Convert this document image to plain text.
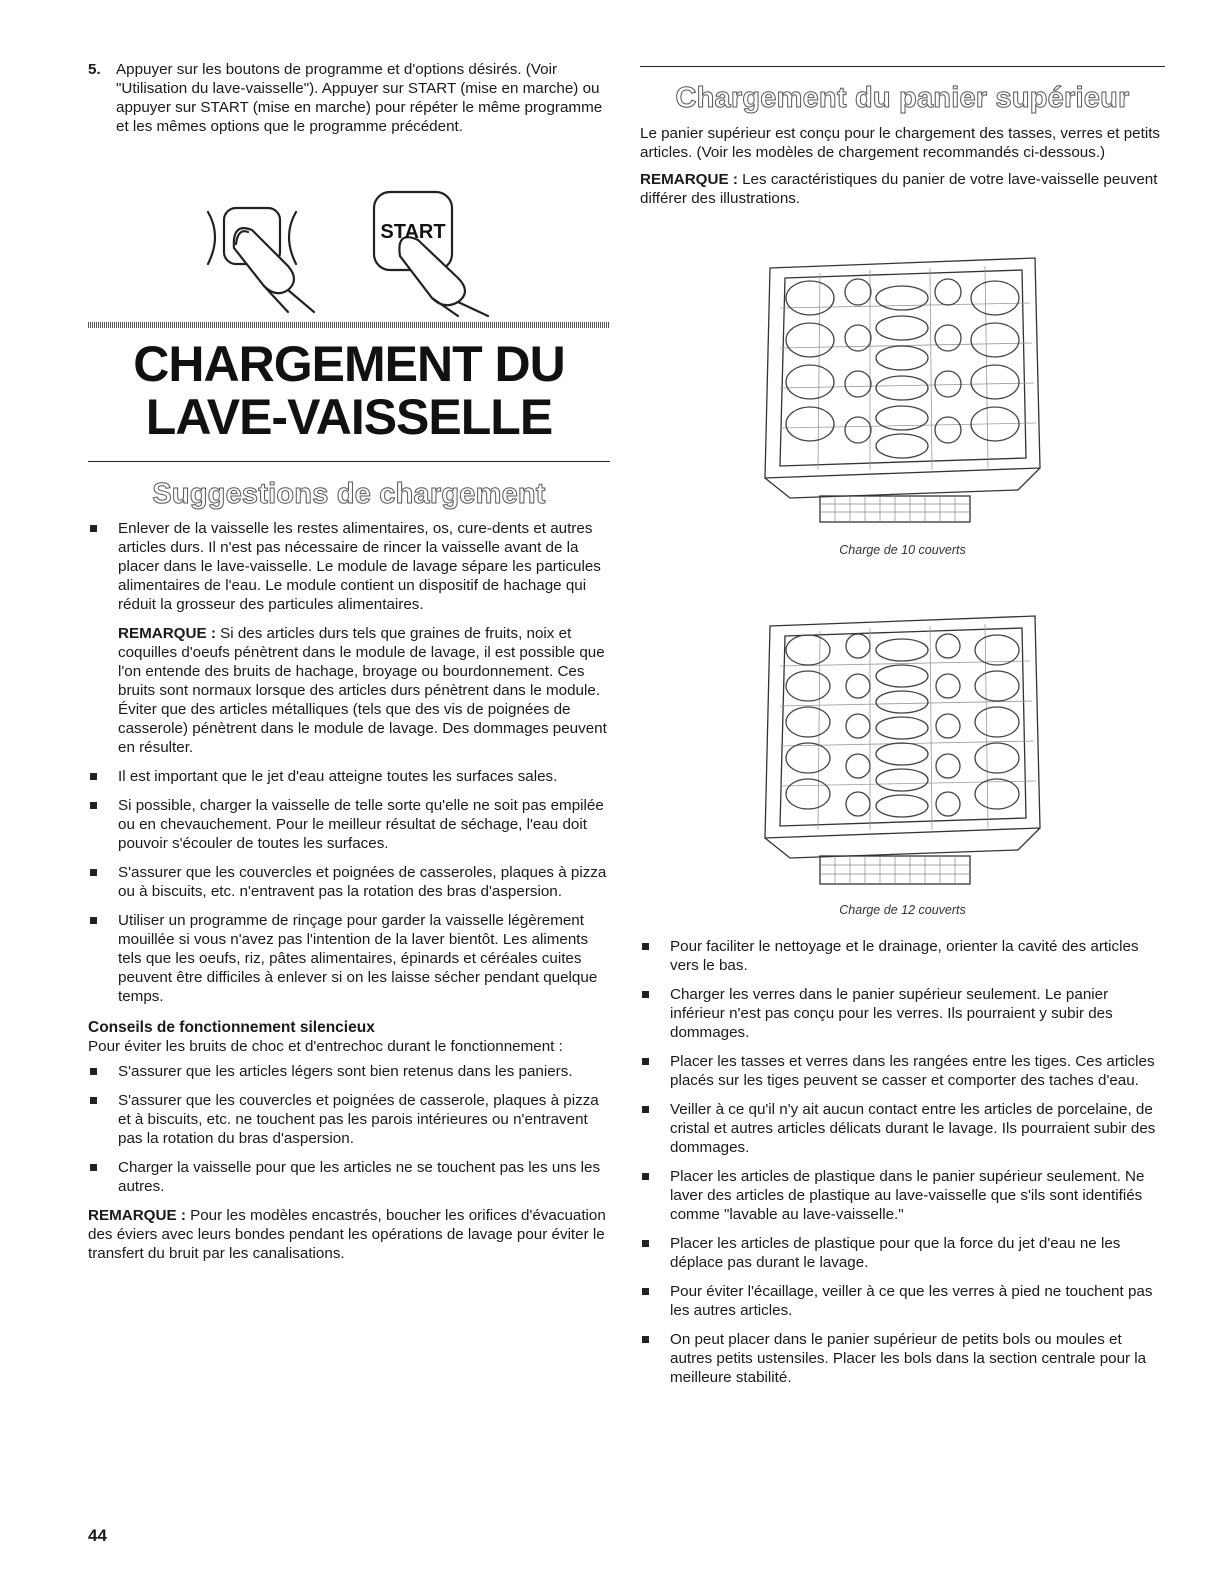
5. Appuyer sur les boutons de programme et d'options désirés. (Voir "Utilisation du lave-vaisselle"). Appuyer sur START (mise en marche) ou appuyer sur START (mise en marche) pour répéter le même programme et les mêmes options que le programme précédent.

START
CHARGEMENT DU
LAVE-VAISSELLE
Suggestions de chargement
Enlever de la vaisselle les restes alimentaires, os, cure-dents et autres articles durs. Il n'est pas nécessaire de rincer la vaisselle avant de la placer dans le lave-vaisselle. Le module de lavage sépare les particules alimentaires de l'eau. Le module contient un dispositif de hachage qui réduit la grosseur des particules alimentaires.

REMARQUE : Si des articles durs tels que graines de fruits, noix et coquilles d'oeufs pénètrent dans le module de lavage, il est possible que l'on entende des bruits de hachage, broyage ou bourdonnement. Ces bruits sont normaux lorsque des articles durs pénètrent dans le module. Éviter que des articles métalliques (tels que des vis de poignées de casserole) pénètrent dans le module de lavage. Des dommages peuvent en résulter.

Il est important que le jet d'eau atteigne toutes les surfaces sales.
Si possible, charger la vaisselle de telle sorte qu'elle ne soit pas empilée ou en chevauchement. Pour le meilleur résultat de séchage, l'eau doit pouvoir s'écouler de toutes les surfaces.
S'assurer que les couvercles et poignées de casseroles, plaques à pizza ou à biscuits, etc. n'entravent pas la rotation des bras d'aspersion.
Utiliser un programme de rinçage pour garder la vaisselle légèrement mouillée si vous n'avez pas l'intention de la laver bientôt. Les aliments tels que les oeufs, riz, pâtes alimentaires, épinards et céréales cuites peuvent être difficiles à enlever si on les laisse sécher pendant quelque temps.

Conseils de fonctionnement silencieux

Pour éviter les bruits de choc et d'entrechoc durant le fonctionnement :

S'assurer que les articles légers sont bien retenus dans les paniers.
S'assurer que les couvercles et poignées de casserole, plaques à pizza et à biscuits, etc. ne touchent pas les parois intérieures ou n'entravent pas la rotation du bras d'aspersion.
Charger la vaisselle pour que les articles ne se touchent pas les uns les autres.

REMARQUE : Pour les modèles encastrés, boucher les orifices d'évacuation des éviers avec leurs bondes pendant les opérations de lavage pour éviter le transfert du bruit par les canalisations.

44
Chargement du panier supérieur

Le panier supérieur est conçu pour le chargement des tasses, verres et petits articles. (Voir les modèles de chargement recommandés ci-dessous.)

REMARQUE : Les caractéristiques du panier de votre lave-vaisselle peuvent différer des illustrations.

Charge de 10 couverts
Charge de 12 couverts
Pour faciliter le nettoyage et le drainage, orienter la cavité des articles vers le bas.
Charger les verres dans le panier supérieur seulement. Le panier inférieur n'est pas conçu pour les verres. Ils pourraient y subir des dommages.
Placer les tasses et verres dans les rangées entre les tiges. Ces articles placés sur les tiges peuvent se casser et comporter des taches d'eau.
Veiller à ce qu'il n'y ait aucun contact entre les articles de porcelaine, de cristal et autres articles délicats durant le lavage. Ils pourraient subir des dommages.
Placer les articles de plastique dans le panier supérieur seulement. Ne laver des articles de plastique au lave-vaisselle que s'ils sont identifiés comme "lavable au lave-vaisselle."
Placer les articles de plastique pour que la force du jet d'eau ne les déplace pas durant le lavage.
Pour éviter l'écaillage, veiller à ce que les verres à pied ne touchent pas les autres articles.
On peut placer dans le panier supérieur de petits bols ou moules et autres petits ustensiles. Placer les bols dans la section centrale pour la meilleure stabilité.
